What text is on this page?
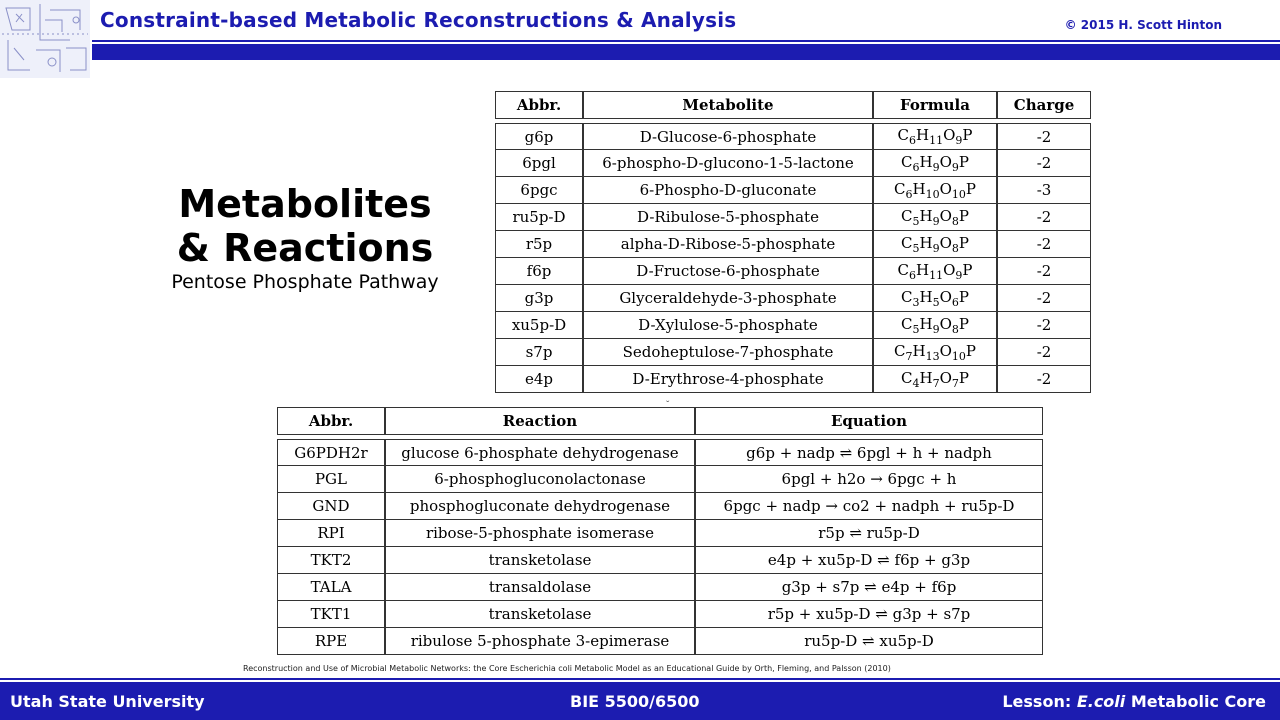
Constraint-based Metabolic Reconstructions & Analysis	© 2015 H. Scott Hinton
Metabolites
& Reactions
Pentose Phosphate Pathway
Abbr.	Metabolite	Formula	Charge

g6p	D-Glucose-6-phosphate	$C_6H_{11}O_9P$	-2
6pgl	6-phospho-D-glucono-1-5-lactone	$C_6H_9O_9P$	-2
6pgc	6-Phospho-D-gluconate	$C_6H_{10}O_{10}P$	-3
ru5p-D	D-Ribulose-5-phosphate	$C_5H_9O_8P$	-2
r5p	alpha-D-Ribose-5-phosphate	$C_5H_9O_8P$	-2
f6p	D-Fructose-6-phosphate	$C_6H_{11}O_9P$	-2
g3p	Glyceraldehyde-3-phosphate	$C_3H_5O_6P$	-2
xu5p-D	D-Xylulose-5-phosphate	$C_5H_9O_8P$	-2
s7p	Sedoheptulose-7-phosphate	$C_7H_{13}O_{10}P$	-2
e4p	D-Erythrose-4-phosphate	$C_4H_7O_7P$	-2
ˇ
Abbr.	Reaction	Equation

G6PDH2r	glucose 6-phosphate dehydrogenase	g6p + nadp ⇌ 6pgl + h + nadph
PGL	6-phosphogluconolactonase	6pgl + h2o → 6pgc + h
GND	phosphogluconate dehydrogenase	6pgc + nadp → co2 + nadph + ru5p-D
RPI	ribose-5-phosphate isomerase	r5p ⇌ ru5p-D
TKT2	transketolase	e4p + xu5p-D ⇌ f6p + g3p
TALA	transaldolase	g3p + s7p ⇌ e4p + f6p
TKT1	transketolase	r5p + xu5p-D ⇌ g3p + s7p
RPE	ribulose 5-phosphate 3-epimerase	ru5p-D ⇌ xu5p-D
Reconstruction and Use of Microbial Metabolic Networks: the Core Escherichia coli Metabolic Model as an Educational Guide by Orth, Fleming, and Palsson (2010)
Utah State University	BIE 5500/6500	Lesson: E.coli Metabolic Core
